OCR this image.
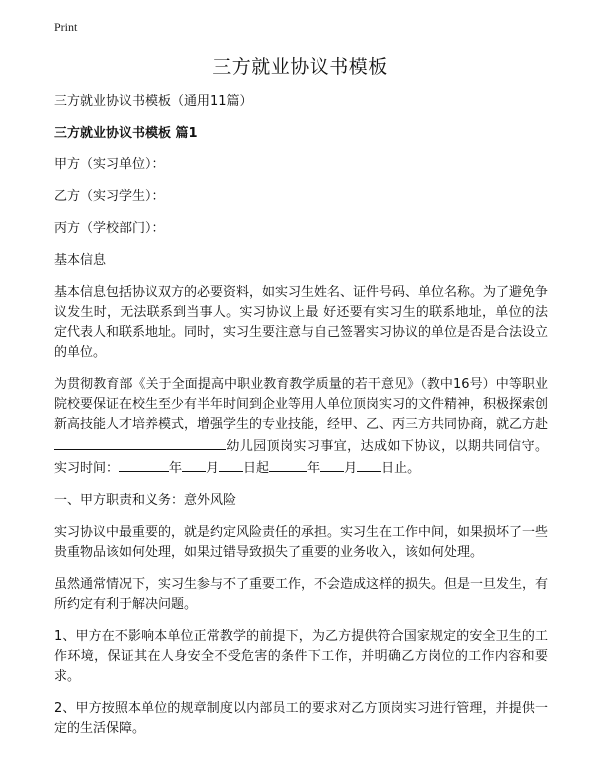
Print
三方就业协议书模板

三方就业协议书模板（通用11篇）

三方就业协议书模板 篇1

甲方（实习单位）：

乙方（实习学生）：

丙方（学校部门）：

基本信息

基本信息包括协议双方的必要资料，如实习生姓名、证件号码、单位名称。为了避免争议发生时，无法联系到当事人。实习协议上最 好还要有实习生的联系地址，单位的法定代表人和联系地址。同时，实习生要注意与自己签署实习协议的单位是否是合法设立的单位。

为贯彻教育部《关于全面提高中职业教育教学质量的若干意见》（教中16号）中等职业院校要保证在校生至少有半年时间到企业等用人单位顶岗实习的文件精神，积极探索创新高技能人才培养模式，增强学生的专业技能，经甲、乙、丙三方共同协商，就乙方赴幼儿园顶岗实习事宜，达成如下协议，以期共同信守。实习时间：	年 月 日起	年 月 日止。

一、甲方职责和义务：意外风险

实习协议中最重要的，就是约定风险责任的承担。实习生在工作中间，如果损坏了一些贵重物品该如何处理，如果过错导致损失了重要的业务收入，该如何处理。

虽然通常情况下，实习生参与不了重要工作，不会造成这样的损失。但是一旦发生，有所约定有利于解决问题。

1、甲方在不影响本单位正常教学的前提下，为乙方提供符合国家规定的安全卫生的工作环境，保证其在人身安全不受危害的条件下工作，并明确乙方岗位的工作内容和要求。

2、甲方按照本单位的规章制度以内部员工的要求对乙方顶岗实习进行管理，并提供一定的生活保障。
